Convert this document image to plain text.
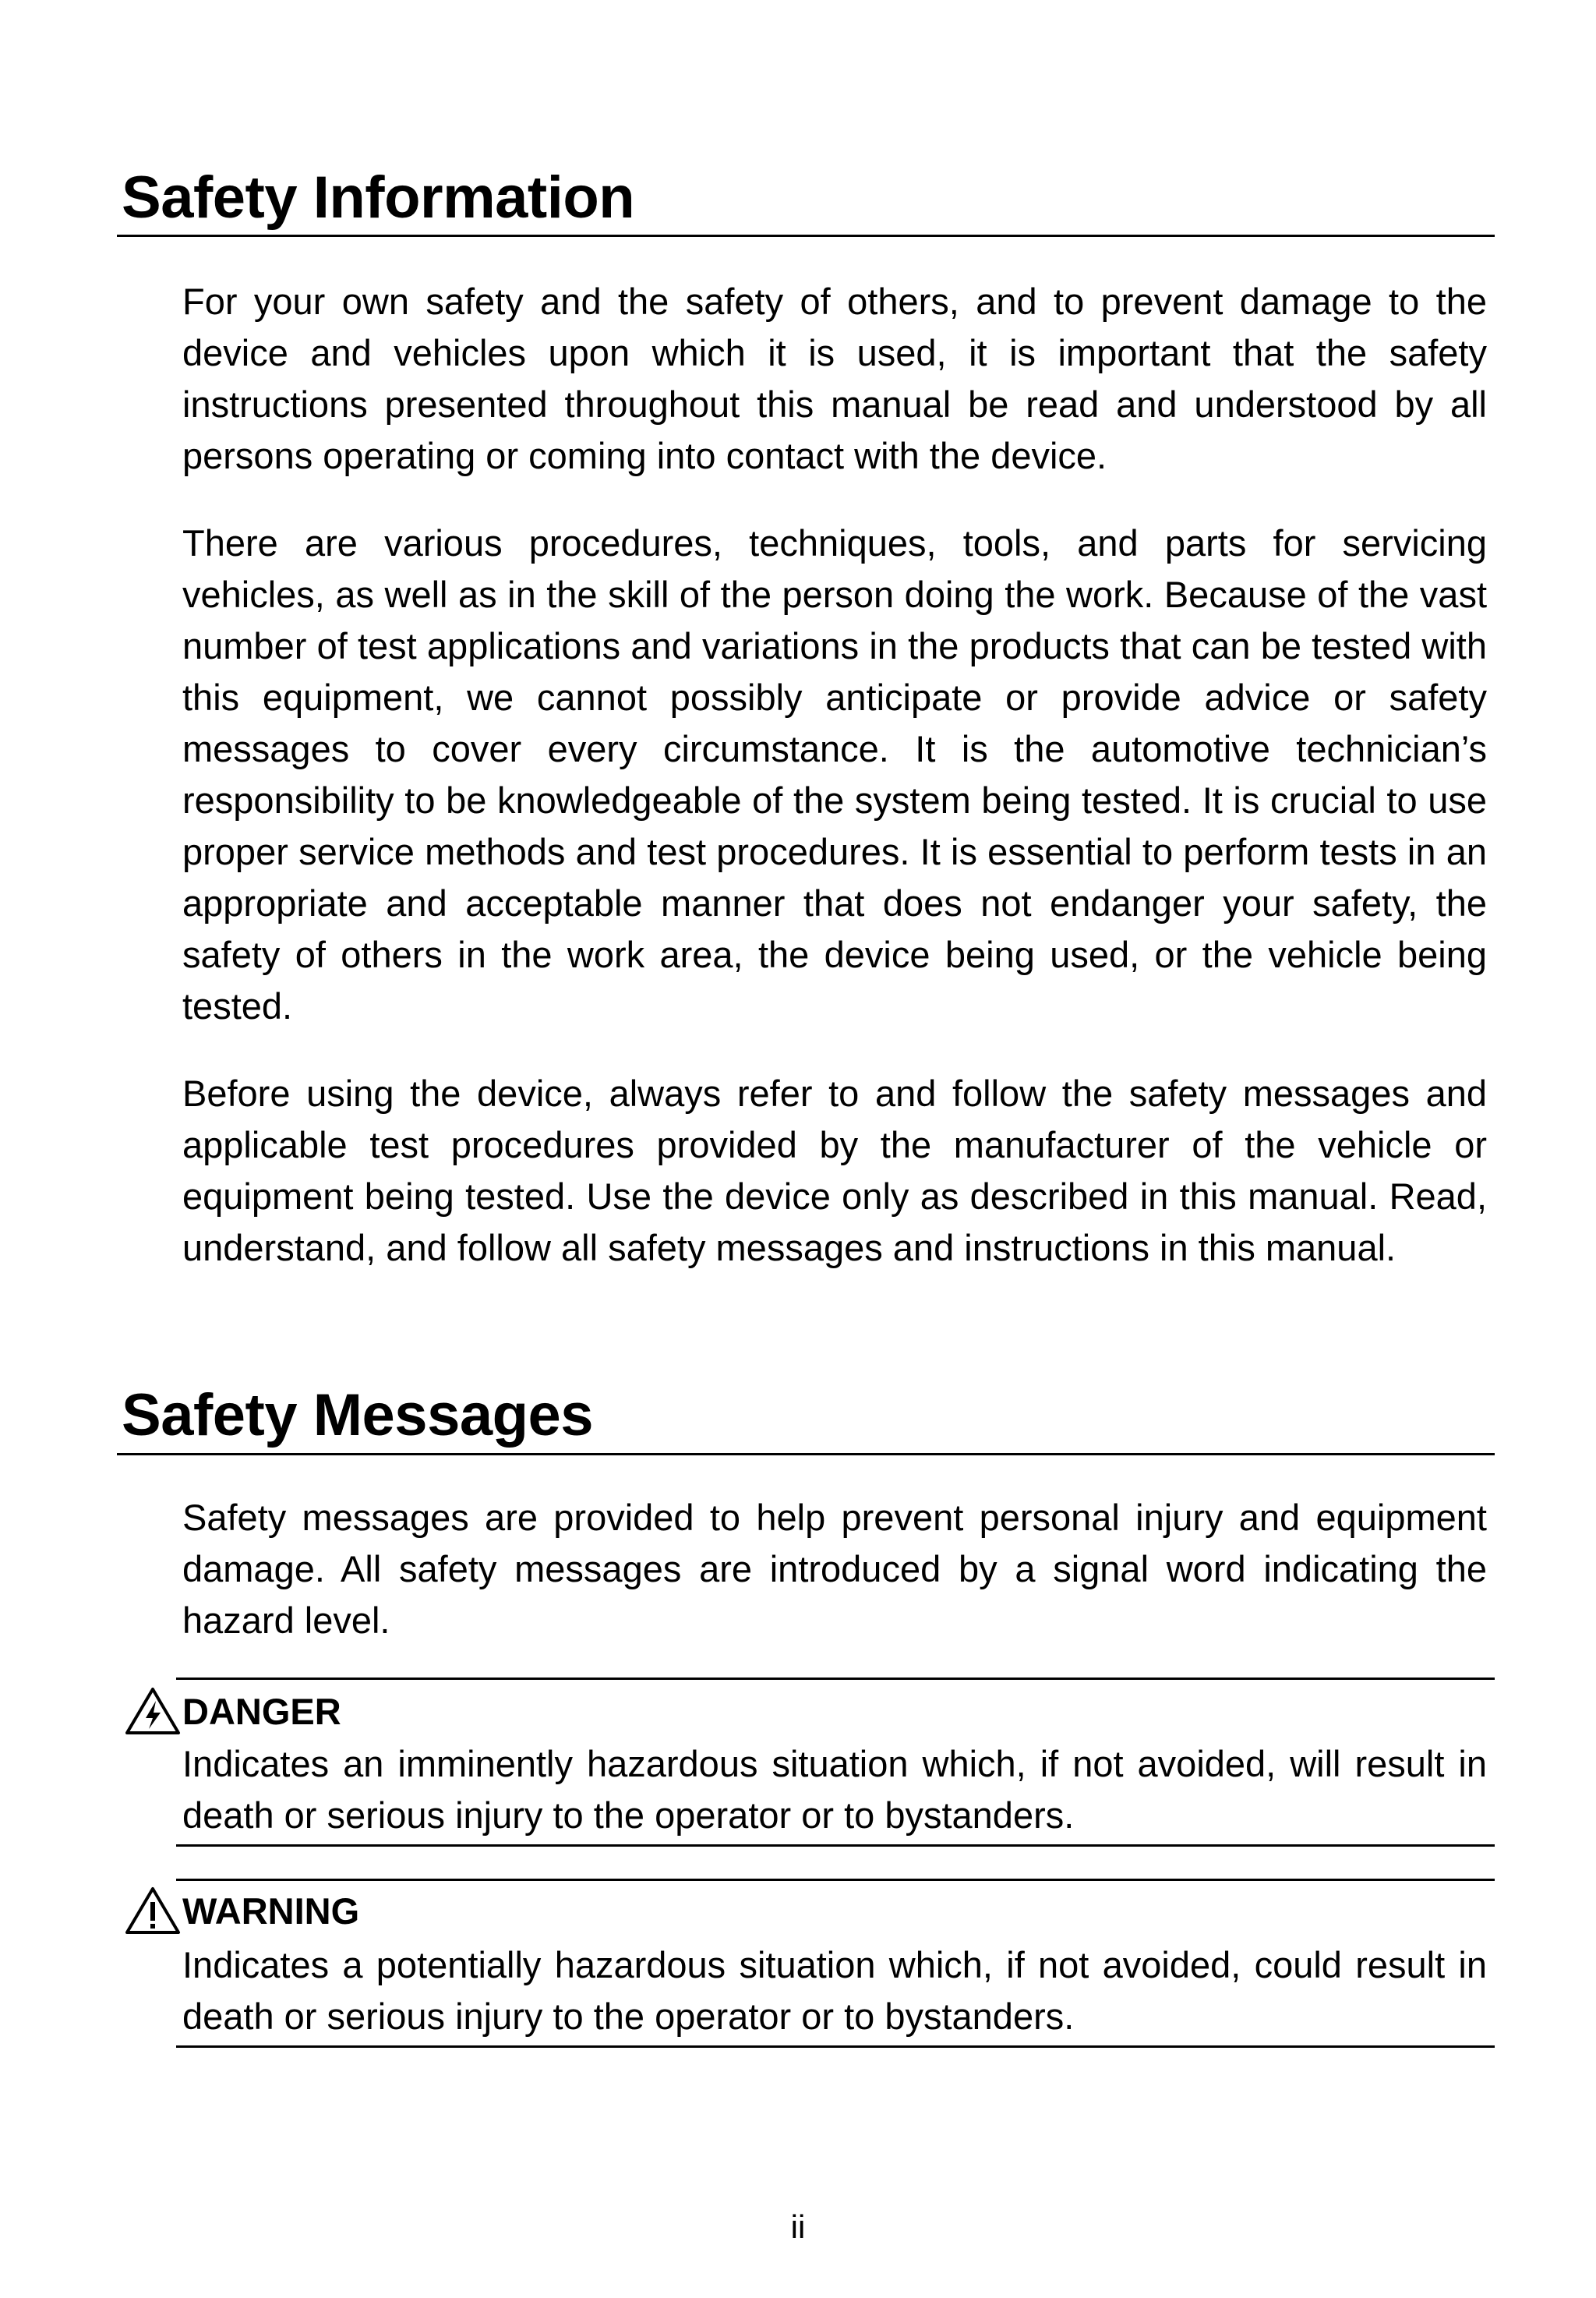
Safety Information

For your own safety and the safety of others, and to prevent damage to the device and vehicles upon which it is used, it is important that the safety instructions presented throughout this manual be read and understood by all persons operating or coming into contact with the device.

There are various procedures, techniques, tools, and parts for servicing vehicles, as well as in the skill of the person doing the work. Because of the vast number of test applications and variations in the products that can be tested with this equipment, we cannot possibly anticipate or provide advice or safety messages to cover every circumstance. It is the automotive technician’s responsibility to be knowledgeable of the system being tested. It is crucial to use proper service methods and test procedures. It is essential to perform tests in an appropriate and acceptable manner that does not endanger your safety, the safety of others in the work area, the device being used, or the vehicle being tested.

Before using the device, always refer to and follow the safety messages and applicable test procedures provided by the manufacturer of the vehicle or equipment being tested. Use the device only as described in this manual. Read, understand, and follow all safety messages and instructions in this manual.

Safety Messages

Safety messages are provided to help prevent personal injury and equipment damage. All safety messages are introduced by a signal word indicating the hazard level.

DANGER

Indicates an imminently hazardous situation which, if not avoided, will result in death or serious injury to the operator or to bystanders.

WARNING

Indicates a potentially hazardous situation which, if not avoided, could result in death or serious injury to the operator or to bystanders.

ii
